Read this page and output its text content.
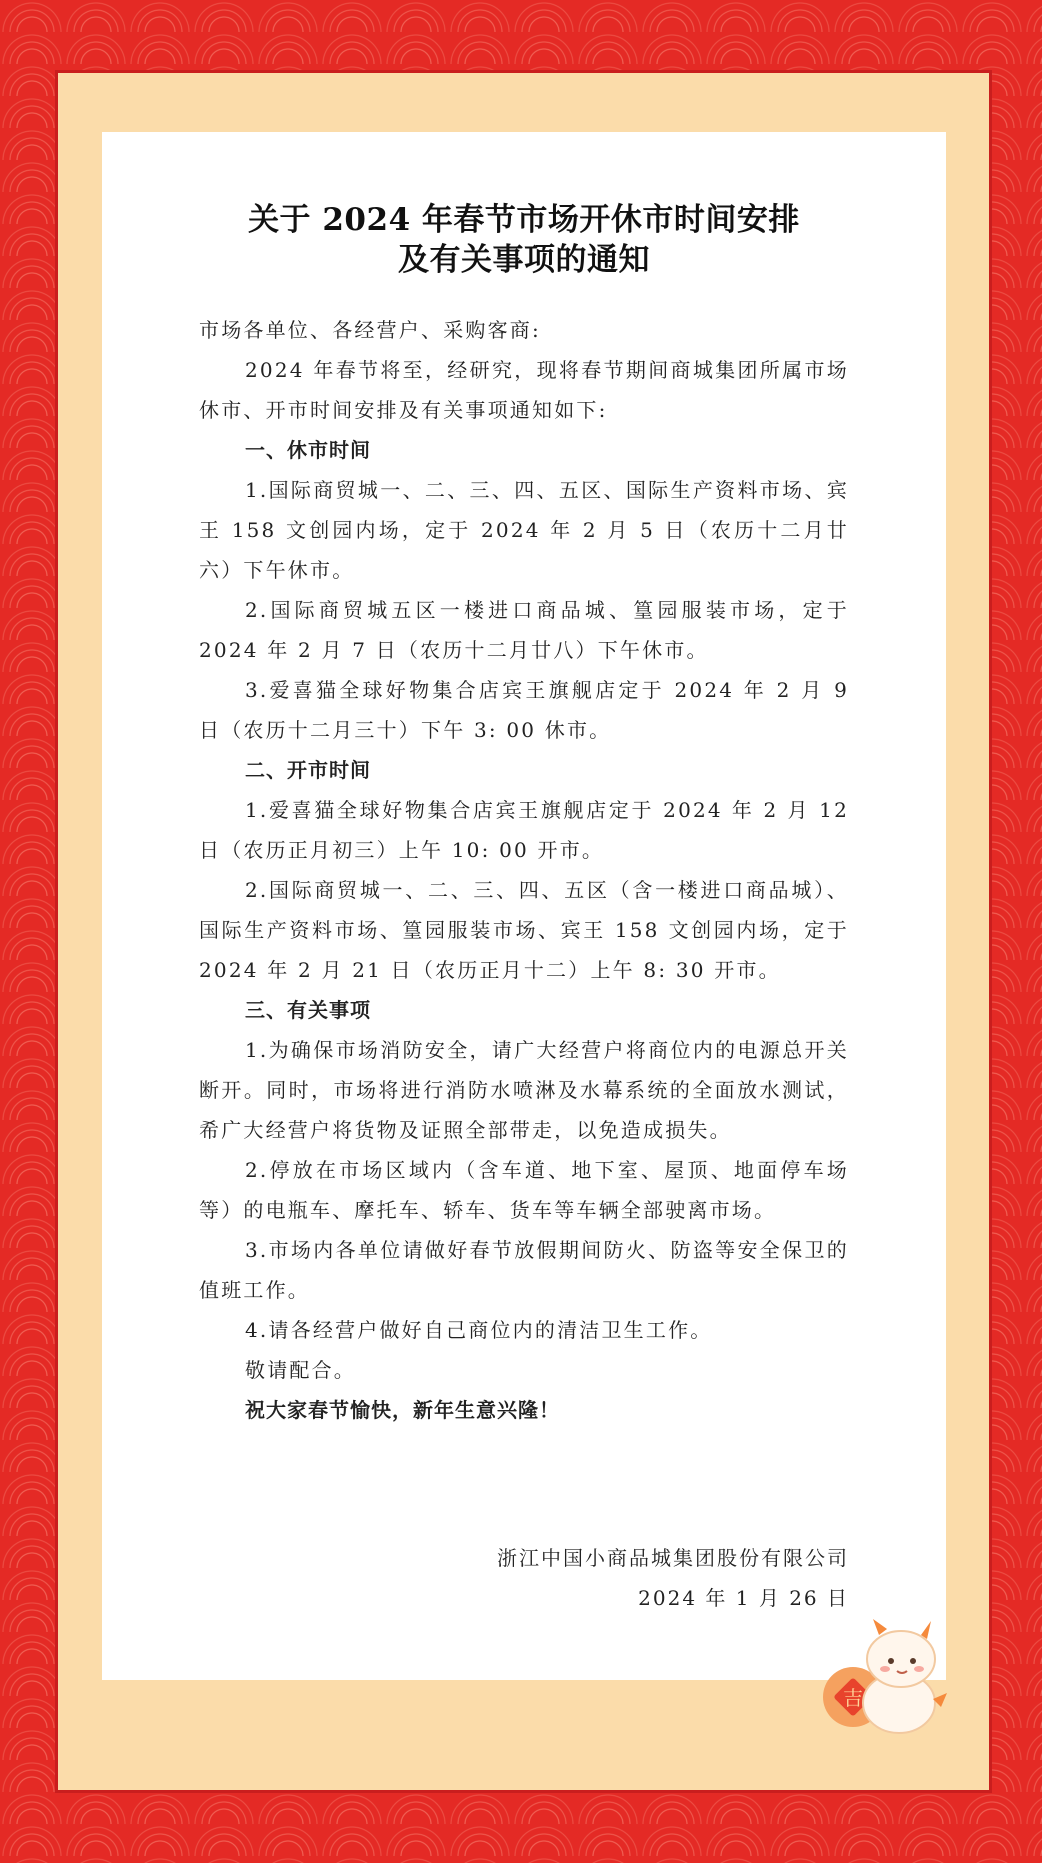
关于 2024 年春节市场开休市时间安排
及有关事项的通知

市场各单位、各经营户、采购客商:

2024 年春节将至，经研究，现将春节期间商城集团所属市场休市、开市时间安排及有关事项通知如下:

一、休市时间

1.国际商贸城一、二、三、四、五区、国际生产资料市场、宾王 158 文创园内场，定于 2024 年 2 月 5 日（农历十二月廿六）下午休市。

2.国际商贸城五区一楼进口商品城、篁园服装市场，定于 2024 年 2 月 7 日（农历十二月廿八）下午休市。

3.爱喜猫全球好物集合店宾王旗舰店定于 2024 年 2 月 9 日（农历十二月三十）下午 3: 00 休市。

二、开市时间

1.爱喜猫全球好物集合店宾王旗舰店定于 2024 年 2 月 12 日（农历正月初三）上午 10: 00 开市。

2.国际商贸城一、二、三、四、五区（含一楼进口商品城）、国际生产资料市场、篁园服装市场、宾王 158 文创园内场，定于 2024 年 2 月 21 日（农历正月十二）上午 8: 30 开市。

三、有关事项

1.为确保市场消防安全，请广大经营户将商位内的电源总开关断开。同时，市场将进行消防水喷淋及水幕系统的全面放水测试，希广大经营户将货物及证照全部带走，以免造成损失。

2.停放在市场区域内（含车道、地下室、屋顶、地面停车场等）的电瓶车、摩托车、轿车、货车等车辆全部驶离市场。

3.市场内各单位请做好春节放假期间防火、防盗等安全保卫的值班工作。

4.请各经营户做好自己商位内的清洁卫生工作。

敬请配合。

祝大家春节愉快，新年生意兴隆！

浙江中国小商品城集团股份有限公司
2024 年 1 月 26 日
吉
